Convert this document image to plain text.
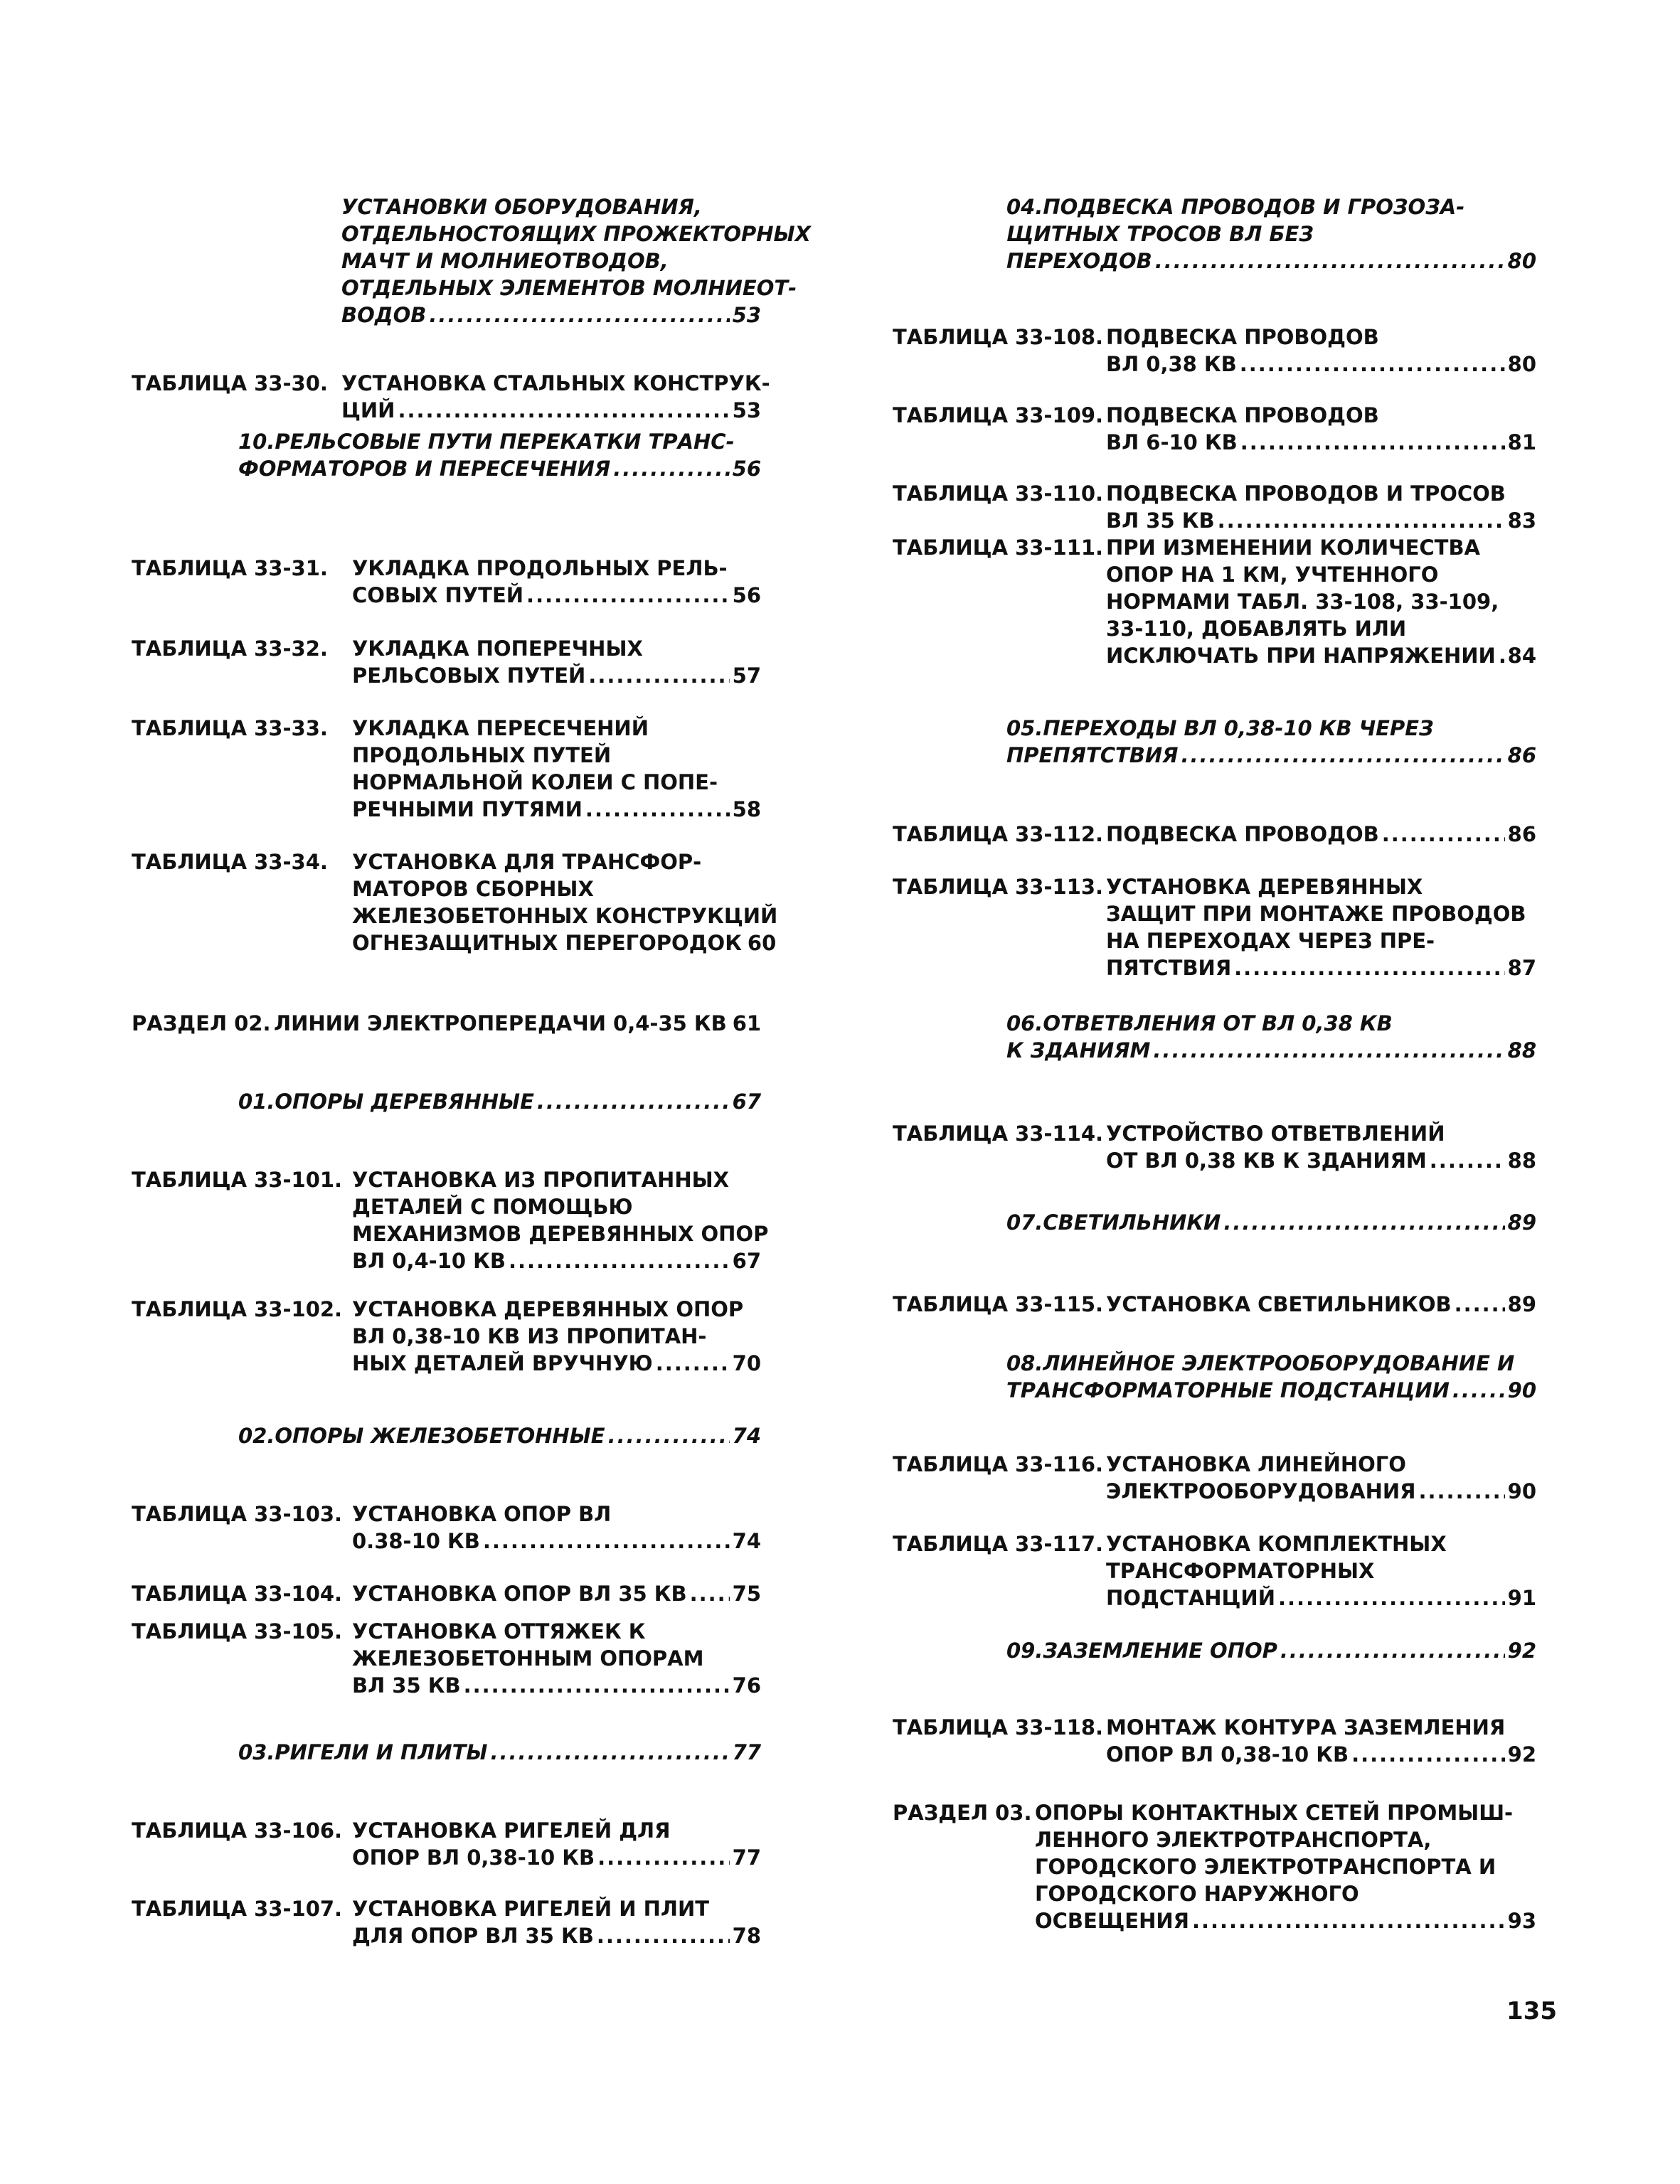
УСТАНОВКИ ОБОРУДОВАНИЯ,
ОТДЕЛЬНОСТОЯЩИХ ПРОЖЕКТОРНЫХ
МАЧТ И МОЛНИЕОТВОДОВ,
ОТДЕЛЬНЫХ ЭЛЕМЕНТОВ МОЛНИЕОТ-
ВОДОВ .....	53
ТАБЛИЦА 33-30. УСТАНОВКА СТАЛЬНЫХ КОНСТРУК-
ЦИЙ .....	53
10.РЕЛЬСОВЫЕ ПУТИ ПЕРЕКАТКИ ТРАНС-
ФОРМАТОРОВ И ПЕРЕСЕЧЕНИЯ .....	56
ТАБЛИЦА 33-31. УКЛАДКА ПРОДОЛЬНЫХ РЕЛЬ-
СОВЫХ ПУТЕЙ .....	56
ТАБЛИЦА 33-32. УКЛАДКА ПОПЕРЕЧНЫХ
РЕЛЬСОВЫХ ПУТЕЙ .....	57
ТАБЛИЦА 33-33. УКЛАДКА ПЕРЕСЕЧЕНИЙ
ПРОДОЛЬНЫХ ПУТЕЙ
НОРМАЛЬНОЙ КОЛЕИ С ПОПЕ-
РЕЧНЫМИ ПУТЯМИ .....	58
ТАБЛИЦА 33-34. УСТАНОВКА ДЛЯ ТРАНСФОР-
МАТОРОВ СБОРНЫХ
ЖЕЛЕЗОБЕТОННЫХ КОНСТРУКЦИЙ
ОГНЕЗАЩИТНЫХ ПЕРЕГОРОДОК 60
РАЗДЕЛ 02. ЛИНИИ ЭЛЕКТРОПЕРЕДАЧИ 0,4-35 КВ 61
01.ОПОРЫ ДЕРЕВЯННЫЕ .....	67
ТАБЛИЦА 33-101. УСТАНОВКА ИЗ ПРОПИТАННЫХ
ДЕТАЛЕЙ С ПОМОЩЬЮ
МЕХАНИЗМОВ ДЕРЕВЯННЫХ ОПОР
ВЛ 0,4-10 КВ .....	67
ТАБЛИЦА 33-102. УСТАНОВКА ДЕРЕВЯННЫХ ОПОР
ВЛ 0,38-10 КВ ИЗ ПРОПИТАН-
НЫХ ДЕТАЛЕЙ ВРУЧНУЮ .....	70
02.ОПОРЫ ЖЕЛЕЗОБЕТОННЫЕ .....	74
ТАБЛИЦА 33-103. УСТАНОВКА ОПОР ВЛ
0.38-10 КВ .....	74
ТАБЛИЦА 33-104. УСТАНОВКА ОПОР ВЛ 35 КВ ..... 75
ТАБЛИЦА 33-105. УСТАНОВКА ОТТЯЖЕК К
ЖЕЛЕЗОБЕТОННЫМ ОПОРАМ
ВЛ 35 КВ .....	76
03.РИГЕЛИ И ПЛИТЫ .....	77
ТАБЛИЦА 33-106. УСТАНОВКА РИГЕЛЕЙ ДЛЯ
ОПОР ВЛ 0,38-10 КВ .....	77
ТАБЛИЦА 33-107. УСТАНОВКА РИГЕЛЕЙ И ПЛИТ
ДЛЯ ОПОР ВЛ 35 КВ .....	78
04.ПОДВЕСКА ПРОВОДОВ И ГРОЗОЗА-
ЩИТНЫХ ТРОСОВ ВЛ БЕЗ
ПЕРЕХОДОВ .....	80
ТАБЛИЦА 33-108. ПОДВЕСКА ПРОВОДОВ
ВЛ 0,38 КВ .....	80
ТАБЛИЦА 33-109. ПОДВЕСКА ПРОВОДОВ
ВЛ 6-10 КВ .....	81
ТАБЛИЦА 33-110. ПОДВЕСКА ПРОВОДОВ И ТРОСОВ
ВЛ 35 КВ .....	83
ТАБЛИЦА 33-111. ПРИ ИЗМЕНЕНИИ КОЛИЧЕСТВА
ОПОР НА 1 КМ, УЧТЕННОГО
НОРМАМИ ТАБЛ. 33-108, 33-109,
33-110, ДОБАВЛЯТЬ ИЛИ
ИСКЛЮЧАТЬ ПРИ НАПРЯЖЕНИИ ..... 84
05.ПЕРЕХОДЫ ВЛ 0,38-10 КВ ЧЕРЕЗ
ПРЕПЯТСТВИЯ .....	86
ТАБЛИЦА 33-112. ПОДВЕСКА ПРОВОДОВ .....	86
ТАБЛИЦА 33-113. УСТАНОВКА ДЕРЕВЯННЫХ
ЗАЩИТ ПРИ МОНТАЖЕ ПРОВОДОВ
НА ПЕРЕХОДАХ ЧЕРЕЗ ПРЕ-
ПЯТСТВИЯ .....	87
06.ОТВЕТВЛЕНИЯ ОТ ВЛ 0,38 КВ
К ЗДАНИЯМ .....	88
ТАБЛИЦА 33-114. УСТРОЙСТВО ОТВЕТВЛЕНИЙ
ОТ ВЛ 0,38 КВ К ЗДАНИЯМ .....	88
07.СВЕТИЛЬНИКИ .....	89
ТАБЛИЦА 33-115. УСТАНОВКА СВЕТИЛЬНИКОВ .....	89
08.ЛИНЕЙНОЕ ЭЛЕКТРООБОРУДОВАНИЕ И
ТРАНСФОРМАТОРНЫЕ ПОДСТАНЦИИ .....	90
ТАБЛИЦА 33-116. УСТАНОВКА ЛИНЕЙНОГО
ЭЛЕКТРООБОРУДОВАНИЯ .....	90
ТАБЛИЦА 33-117. УСТАНОВКА КОМПЛЕКТНЫХ
ТРАНСФОРМАТОРНЫХ
ПОДСТАНЦИЙ .....	91
09.ЗАЗЕМЛЕНИЕ ОПОР .....	92
ТАБЛИЦА 33-118. МОНТАЖ КОНТУРА ЗАЗЕМЛЕНИЯ
ОПОР ВЛ 0,38-10 КВ .....	92
РАЗДЕЛ 03. ОПОРЫ КОНТАКТНЫХ СЕТЕЙ ПРОМЫШ-
ЛЕННОГО ЭЛЕКТРОТРАНСПОРТА,
ГОРОДСКОГО ЭЛЕКТРОТРАНСПОРТА И
ГОРОДСКОГО НАРУЖНОГО
ОСВЕЩЕНИЯ .....	93
135
